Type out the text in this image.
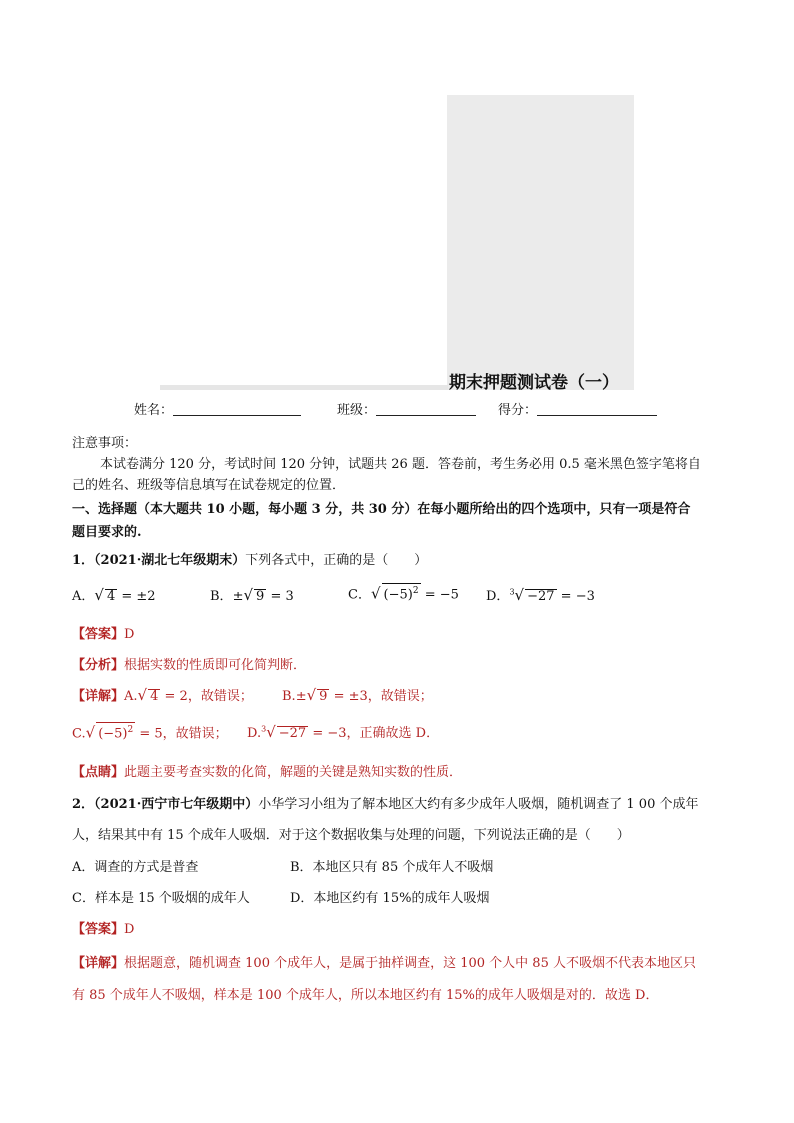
期末押题测试卷（一）
姓名：	班级：	得分：
注意事项：
本试卷满分 120 分，考试时间 120 分钟，试题共 26 题．答卷前，考生务必用 0.5 毫米黑色签字笔将自
己的姓名、班级等信息填写在试卷规定的位置．
一、选择题（本大题共 10 小题，每小题 3 分，共 30 分）在每小题所给出的四个选项中，只有一项是符合
题目要求的.
1．（2021·湖北七年级期末）下列各式中，正确的是（　　）
A．√ 4 = ±2	B．±√ 9 = 3	C．√ $(-5)^2 = -5$ D．$^3$√ −27 = −3
【答案】D
【分析】根据实数的性质即可化简判断．
【详解】A.√ 4 = 2，故错误； B.±√ 9 = ±3，故错误；
C.√ $(-5)^2 = 5$，故错误； D.$^3$√ −27 = −3，正确故选 D．
【点睛】此题主要考查实数的化简，解题的关键是熟知实数的性质．
2．（2021·西宁市七年级期中）小华学习小组为了解本地区大约有多少成年人吸烟，随机调查了 1 00 个成年
人，结果其中有 15 个成年人吸烟．对于这个数据收集与处理的问题，下列说法正确的是（　　）
A．调查的方式是普查	B．本地区只有 85 个成年人不吸烟
C．样本是 15 个吸烟的成年人	D．本地区约有 15%的成年人吸烟
【答案】D
【详解】根据题意，随机调查 100 个成年人，是属于抽样调查，这 100 个人中 85 人不吸烟不代表本地区只
有 85 个成年人不吸烟，样本是 100 个成年人，所以本地区约有 15%的成年人吸烟是对的．故选 D．
